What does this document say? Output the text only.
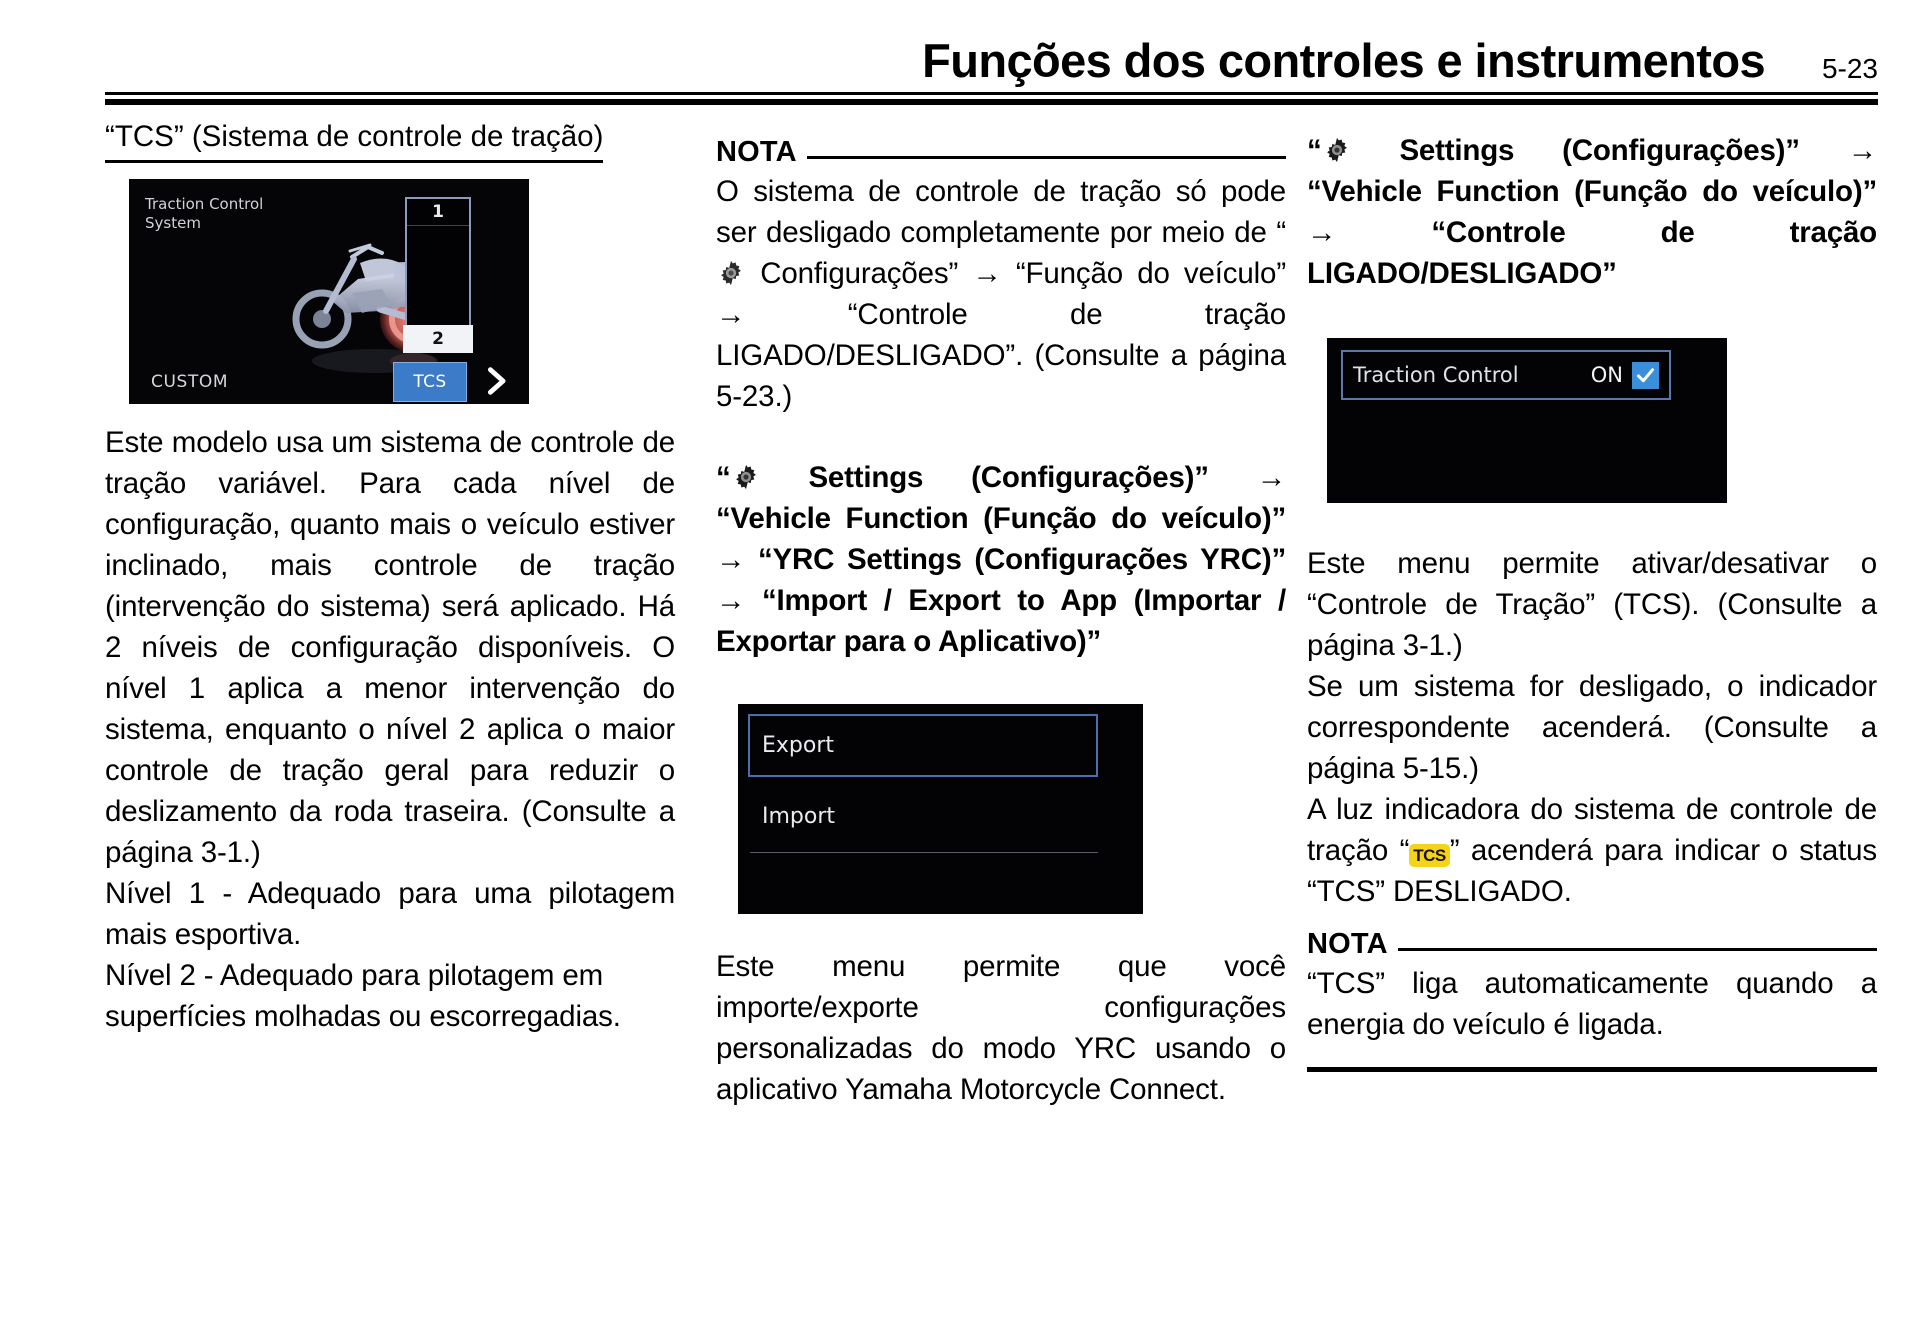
Funções dos controles e instrumentos 5-23
“TCS” (Sistema de controle de tração)
Traction Control
System
1
2
CUSTOM	TCS

Este modelo usa um sistema de controle de tração variável. Para cada nível de configuração, quanto mais o veículo estiver inclinado, mais controle de tração (intervenção do sistema) será aplicado. Há 2 níveis de configuração disponíveis. O nível 1 aplica a menor intervenção do sistema, enquanto o nível 2 aplica o maior controle de tração geral para reduzir o deslizamento da roda traseira. (Consulte a página 3-1.)

Nível 1 - Adequado para uma pilotagem mais esportiva.

Nível 2 - Adequado para pilotagem em superfícies molhadas ou escorregadias.

NOTA

O sistema de controle de tração só pode ser desligado completamente por meio de “
Configurações” → “Função do veículo” → “Controle de tração LIGADO/DESLIGADO”. (Consulte a página 5-23.)

“
Settings (Configurações)” → “Vehicle Function (Função do veículo)” → “YRC Settings (Configurações YRC)” → “Import / Export to App (Importar / Exportar para o Aplicativo)”

Export
Import

Este menu permite que você importe/exporte configurações personalizadas do modo YRC usando o aplicativo Yamaha Motorcycle Connect.

“
Settings (Configurações)” → “Vehicle Function (Função do veículo)” → “Controle de tração LIGADO/DESLIGADO”

Traction Control	ON

Este menu permite ativar/desativar o “Controle de Tração” (TCS). (Consulte a página 3-1.)

Se um sistema for desligado, o indicador correspondente acenderá. (Consulte a página 5-15.)

A luz indicadora do sistema de controle de tração “ TCS ” acenderá para indicar o status “TCS” DESLIGADO.

NOTA

“TCS” liga automaticamente quando a energia do veículo é ligada.
